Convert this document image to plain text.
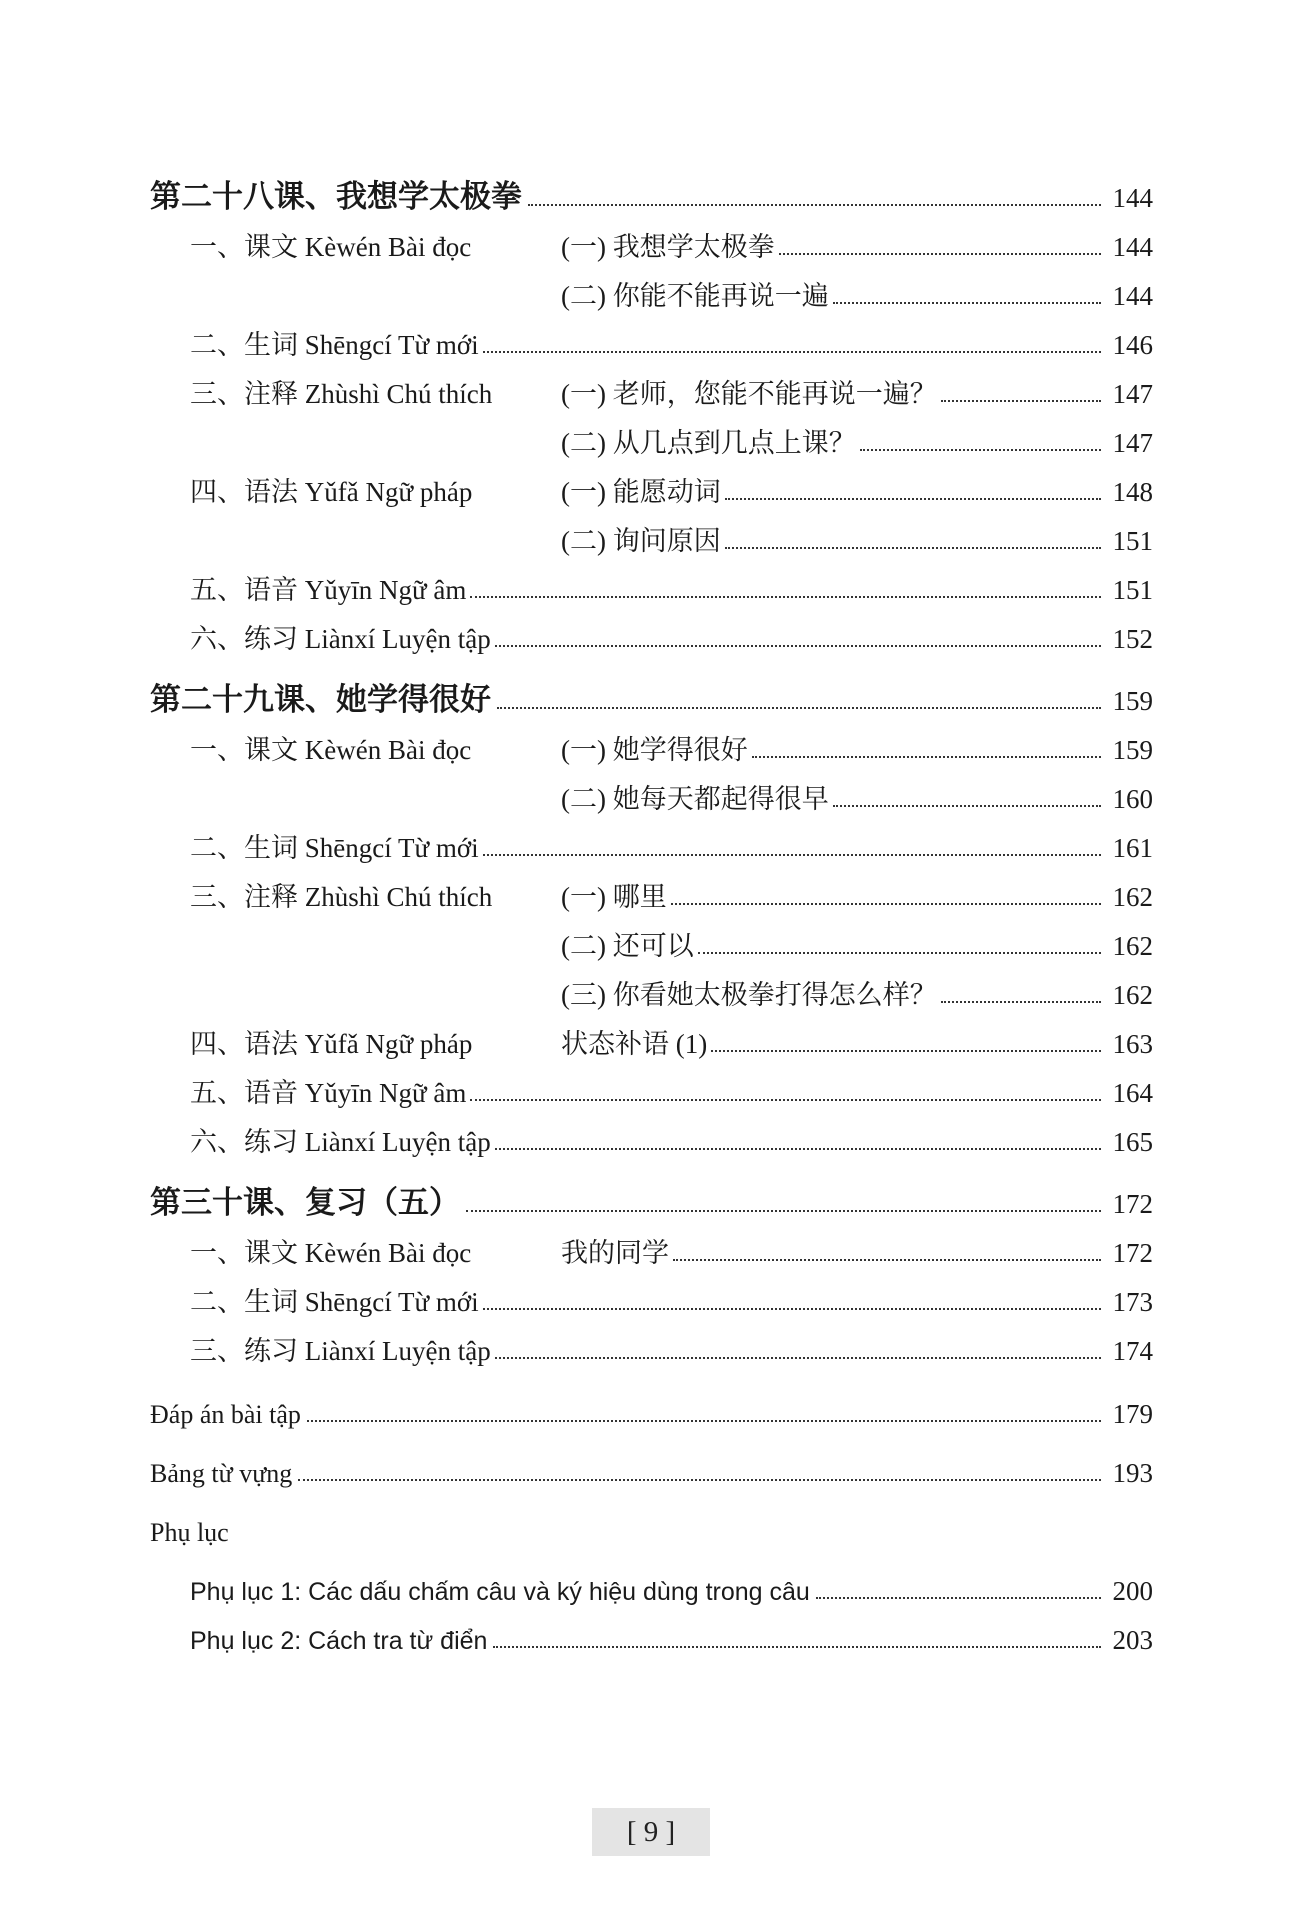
第二十八课、我想学太极拳	144
一、课文 Kèwén Bài đọc	(一) 我想学太极拳	144
(二) 你能不能再说一遍	144
二、生词 Shēngcí Từ mới	146
三、注释 Zhùshì Chú thích	(一) 老师，您能不能再说一遍？	147
(二) 从几点到几点上课？	147
四、语法 Yǔfǎ Ngữ pháp	(一) 能愿动词	148
(二) 询问原因	151
五、语音 Yǔyīn Ngữ âm	151
六、练习 Liànxí Luyện tập	152
第二十九课、她学得很好	159
一、课文 Kèwén Bài đọc	(一) 她学得很好	159
(二) 她每天都起得很早	160
二、生词 Shēngcí Từ mới	161
三、注释 Zhùshì Chú thích	(一) 哪里	162
(二) 还可以	162
(三) 你看她太极拳打得怎么样？	162
四、语法 Yǔfǎ Ngữ pháp	状态补语 (1)	163
五、语音 Yǔyīn Ngữ âm	164
六、练习 Liànxí Luyện tập	165
第三十课、复习（五）	172
一、课文 Kèwén Bài đọc	我的同学	172
二、生词 Shēngcí Từ mới	173
三、练习 Liànxí Luyện tập	174
Đáp án bài tập	179
Bảng từ vựng	193
Phụ lục
Phụ lục 1: Các dấu chấm câu và ký hiệu dùng trong câu	200
Phụ lục 2: Cách tra từ điển	203
[ 9 ]
